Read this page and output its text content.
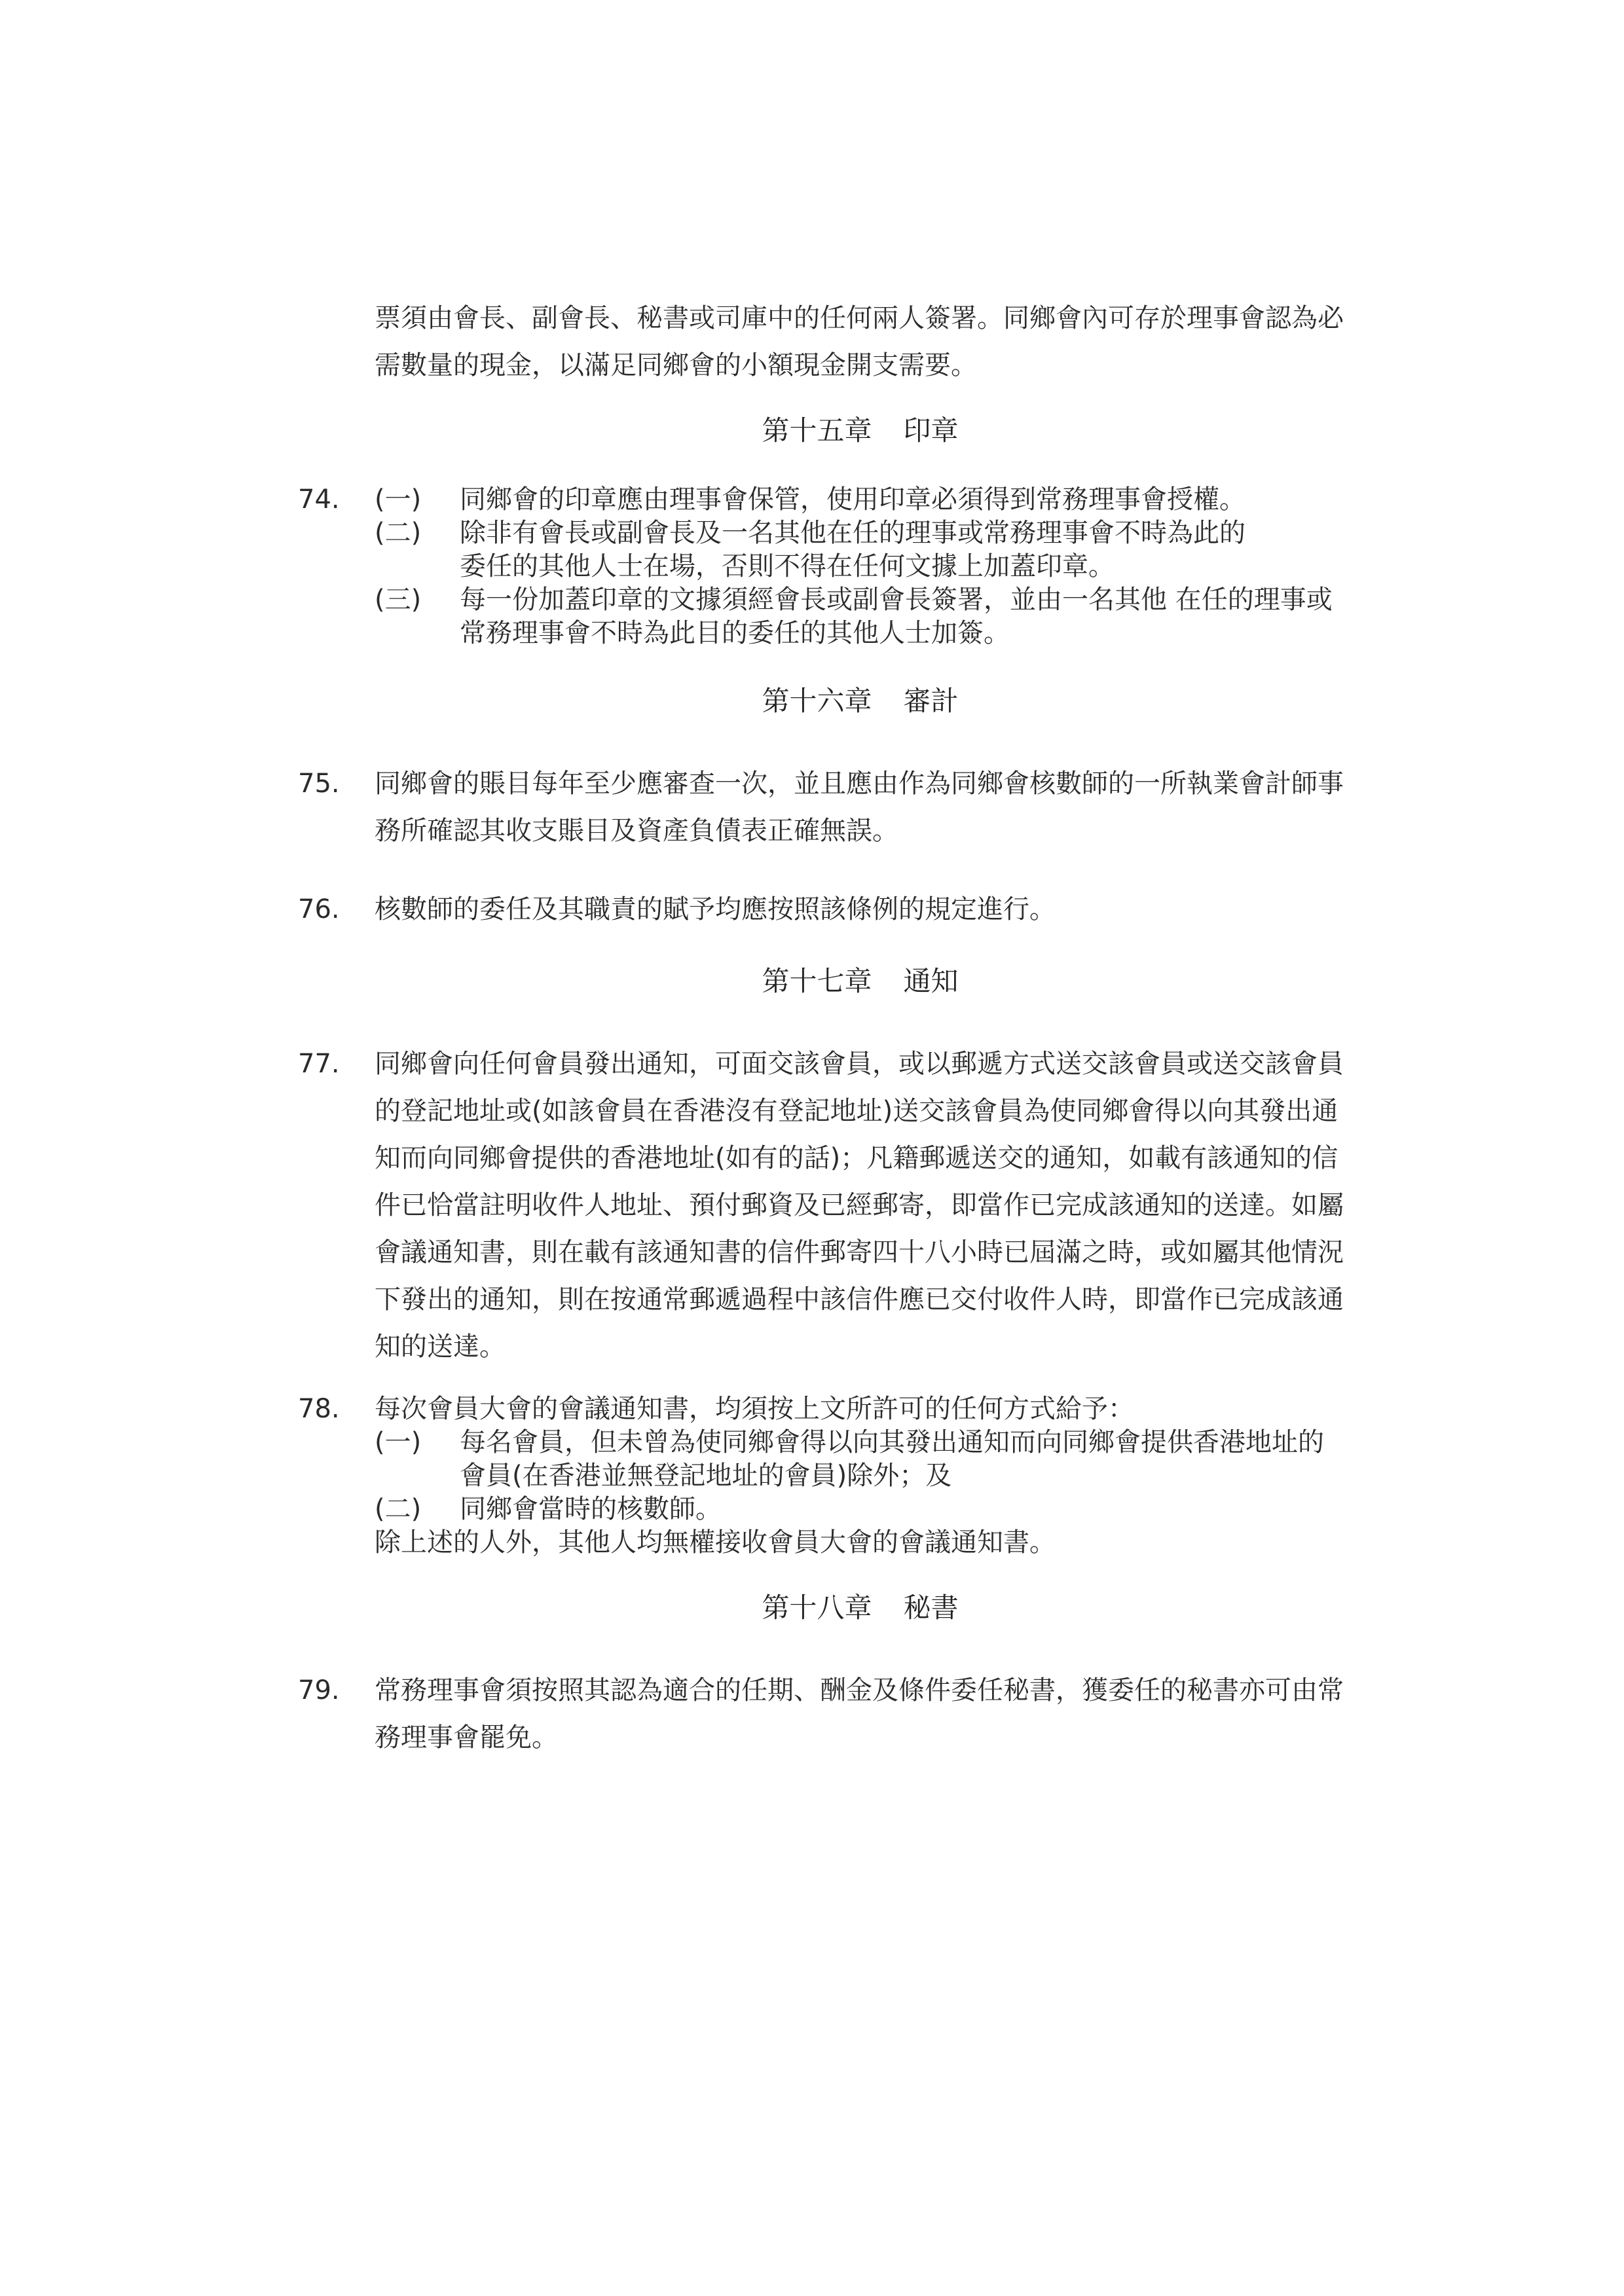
票須由會長、副會長、秘書或司庫中的任何兩人簽署。同鄉會內可存於理事會認為必需數量的現金，以滿足同鄉會的小額現金開支需要。

第十五章 印章
74.	(一)	同鄉會的印章應由理事會保管，使用印章必須得到常務理事會授權。
(二)	除非有會長或副會長及一名其他在任的理事或常務理事會不時為此的委任的其他人士在場，否則不得在任何文據上加蓋印章。
(三)	每一份加蓋印章的文據須經會長或副會長簽署，並由一名其他 在任的理事或常務理事會不時為此目的委任的其他人士加簽。
第十六章 審計
75.	同鄉會的賬目每年至少應審查一次，並且應由作為同鄉會核數師的一所執業會計師事務所確認其收支賬目及資產負債表正確無誤。

76.	核數師的委任及其職責的賦予均應按照該條例的規定進行。

第十七章 通知
77.	同鄉會向任何會員發出通知，可面交該會員，或以郵遞方式送交該會員或送交該會員的登記地址或(如該會員在香港沒有登記地址)送交該會員為使同鄉會得以向其發出通知而向同鄉會提供的香港地址(如有的話)；凡籍郵遞送交的通知，如載有該通知的信件已恰當註明收件人地址、預付郵資及已經郵寄，即當作已完成該通知的送達。如屬會議通知書，則在載有該通知書的信件郵寄四十八小時已屆滿之時，或如屬其他情況下發出的通知，則在按通常郵遞過程中該信件應已交付收件人時，即當作已完成該通知的送達。

78.	每次會員大會的會議通知書，均須按上文所許可的任何方式給予：
(一)	每名會員，但未曾為使同鄉會得以向其發出通知而向同鄉會提供香港地址的會員(在香港並無登記地址的會員)除外；及
(二)	同鄉會當時的核數師。
除上述的人外，其他人均無權接收會員大會的會議通知書。
第十八章 秘書
79.	常務理事會須按照其認為適合的任期、酬金及條件委任秘書，獲委任的秘書亦可由常務理事會罷免。
